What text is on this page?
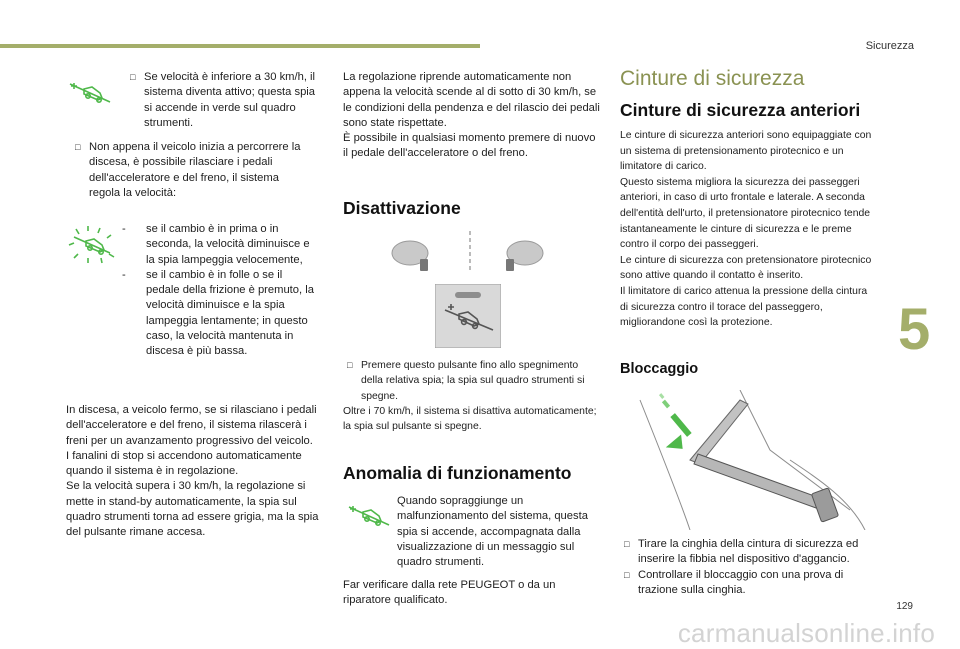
Sicurezza
5
129
□ Se velocità è inferiore a 30 km/h, il sistema diventa attivo; questa spia si accende in verde sul quadro strumenti.
□ Non appena il veicolo inizia a percorrere la discesa, è possibile rilasciare i pedali dell'acceleratore e del freno, il sistema regola la velocità:
- se il cambio è in prima o in seconda, la velocità diminuisce e la spia lampeggia velocemente,
- se il cambio è in folle o se il pedale della frizione è premuto, la velocità diminuisce e la spia lampeggia lentamente; in questo caso, la velocità mantenuta in discesa è più bassa.
In discesa, a veicolo fermo, se si rilasciano i pedali dell'acceleratore e del freno, il sistema rilascerà i freni per un avanzamento progressivo del veicolo.
I fanalini di stop si accendono automaticamente quando il sistema è in regolazione.
Se la velocità supera i 30 km/h, la regolazione si mette in stand-by automaticamente, la spia sul quadro strumenti torna ad essere grigia, ma la spia del pulsante rimane accesa.
La regolazione riprende automaticamente non appena la velocità scende al di sotto di 30 km/h, se le condizioni della pendenza e del rilascio dei pedali sono state rispettate.
È possibile in qualsiasi momento premere di nuovo il pedale dell'acceleratore o del freno.
Disattivazione
□ Premere questo pulsante fino allo spegnimento della relativa spia; la spia sul quadro strumenti si spegne.
Oltre i 70 km/h, il sistema si disattiva automaticamente; la spia sul pulsante si spegne.
Anomalia di funzionamento
Quando sopraggiunge un malfunzionamento del sistema, questa spia si accende, accompagnata dalla visualizzazione di un messaggio sul quadro strumenti.
Far verificare dalla rete PEUGEOT o da un riparatore qualificato.
Cinture di sicurezza
Cinture di sicurezza anteriori
Le cinture di sicurezza anteriori sono equipaggiate con un sistema di pretensionamento pirotecnico e un limitatore di carico.
Questo sistema migliora la sicurezza dei passeggeri anteriori, in caso di urto frontale e laterale. A seconda dell'entità dell'urto, il pretensionatore pirotecnico tende istantaneamente le cinture di sicurezza e le preme contro il corpo dei passeggeri.
Le cinture di sicurezza con pretensionatore pirotecnico sono attive quando il contatto è inserito.
Il limitatore di carico attenua la pressione della cintura di sicurezza contro il torace del passeggero, migliorandone così la protezione.
Bloccaggio
□ Tirare la cinghia della cintura di sicurezza ed inserire la fibbia nel dispositivo d'aggancio.
□ Controllare il bloccaggio con una prova di trazione sulla cinghia.
carmanualsonline.info
